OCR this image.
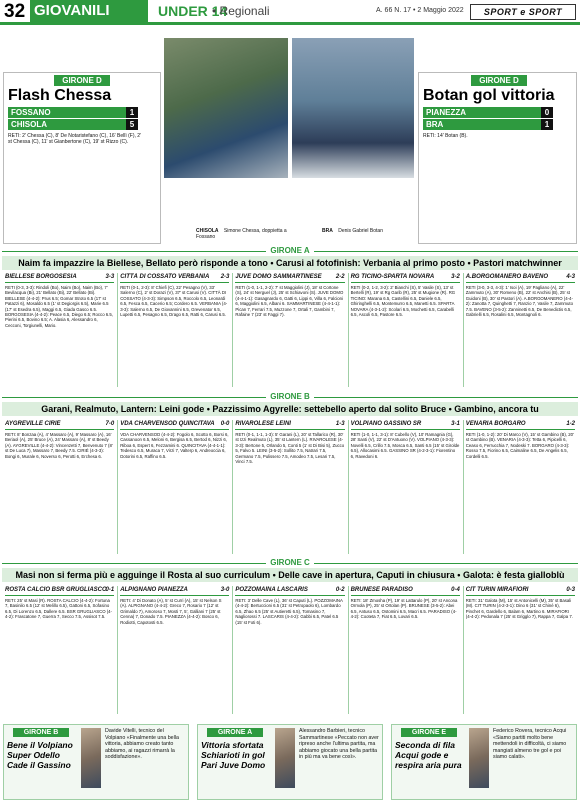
32 GIOVANILI	UNDER 14
• Regionali	A. 66 N. 17 • 2 Maggio 2022	SPORT e SPORT
GIRONE D
Flash Chessa
FOSSANO	1
CHISOLA	5
RETI: 2' Chessa (C), 8' De Notaristefano (C), 16' Bellì (F), 2' st Chessa (C), 11' st Gianbertone (C), 19' st Rizzo (C).
CHISOLA Simone Chessa, doppietta a Fossano
BRA Denis Gabriel Botan
GIRONE D
Botan gol vittoria
PIANEZZA	0
BRA	1
RETI: 14' Botan (B).
GIRONE A
Naim fa impazzire la Biellese, Bellato però risponde a tono • Carusi al fotofinish: Verbania al primo posto • Pastori matchwinner
BIELLESE BORGOSESIA	3-3
RETI (0-3, 3-3): Rindoli (Bo), Naim (Bo), Naim (Bo), 7' Bevilacqua (Bi), 21' Bellato (Bi), 22' Bellato (Bi). BIELLESE (4-4-2): Prus 6.5; Gomar Stroto 6.5 (17' st Patazzi 6), Mosaldo 6.5 (1' st Degiorgis 6.5), Marie 6.5 (17' st Esedra 6.5), Maggi 6.5, Giada Gasco 6.5. BORGOSESIA (4-4-2): Peace 6.5, Diego 6.5; Rocco 6.5, Pierini 6.5, Bovino 6.5; A. Alasia 6, Alessandro 6, Cecconi, Torgiunelli, Mario.
CITTÀ DI COSSATO VERBANIA 2-3
RETI (0-1, 2-3): 8' Chiefi (C), 22' Pesagno (V), 33' Salerno (C), 2' st Dorazi (V), 37' st Carusi (V). CITTÀ DI COSSATO (4-3-3): Simpson 6.5, Roccolo 6.5, Leonardi 6.5, Fesca 6.5, Cacerio 6.5; Cordero 6.5. VERBANIA (4-3-3): Salerno 6.5, De Giovannini 6.5, Grevenator 6.5, Lupetti 6.5, Pesagno 6.5, Drago 6.5, Ratti 6, Carusi 6.5.
JUVE DOMO SAMMARTINESE 2-2
RETI (1-0, 1-1, 2-2): 7' st Maggiolini (J), 18' st Cortone (S), 24' st Nerguel (J), 25' st Schiavoni (S). JUVE DOMO (4-4-1-1): Gasagnardo 6, Gatti 6, Lippi 6, Villa 6, Falcioni 6, Maggiolini 6.5, Albani 6. SAMMARTINESE (4-4-1-1): Pican 7, Ferrari 7.5, Muzzone 7, Ortali 7, Gambini 7, Rafaine 7 (23' st Faggi 7).
RG TICINO-SPARTA NOVARA	3-2
RETI (0-2, 1-2, 3-2): 2' Bianchi (S), 5' Vasile (S), 13' st Bertelli (R), 19' st Rg Garib (R), 25' st Mugione (R). RG TICINO: Marana 6.5, Castellini 6.5, Daniele 6.5, Ghiringhelli 6.5, Montemurro 6.5, Manetti 6.5. SPARTA NOVARA (4-3-1-2): Scolari 6.5, Mochetti 6.5, Carabelli 6.5, Ascoli 6.5, Pastore 6.5.
A.BORGOMANERO BAVENO	4-3
RETI (3-0, 3-3, 4-3): 1' Isoi (A), 19' Pagliano (A), 22' Zammuto (A), 30' Romeno (B), 22' st Anchisi (B), 25' st Guidoni (B), 30' st Pastori (A). A.BORGOMANERO (4-4-2): Zanotta 7, Quinghetti 7, Ranzio 7, Vasile 7, Zammuto 7.5. BAVENO (3-5-2): Zanninetti 6.5, De Benedictis 6.5, Gabrielli 6.5, Rosalini 6.5, Montagnoli 6.
GIRONE B
Garani, Realmuto, Lantern: Leini gode • Pazzissimo Agyrelle: settebello aperto dal solito Bruce • Gambino, ancora tu
AYGREVILLE CIRIÉ	7-0
RETI: 8' Bonzaa (A), 4' Massaro (A), 9' Massaro (A), 16' Beriaol (A), 25' Bruce (A), 24' Massaro (A), 8' st Beedy (A). AYGREVILLE (4-4-2): Vincenzetti 7, Benvenuto 7 (8' st De Luca 7), Massaro 7, Beedy 7.5. CIRIÉ (4-3-3): Bongi 6, Murale 6, Noverso 6, Perotti 6, Erchesa 6.
VDA CHARVENSOD QUINCITAVA 0-0
VDA CHARVENSOD (4-4-2): Fogolo 6, Scotto 6, Borsi 6, Cassanoon 6.5, Meloni 6, Bergisa 6.5, Bertod 6, Nizzi 6, Riboa 6, Espert 6, Fezzamini 6. QUINCITAVA (4-4-1-1): Tedesco 6.5, Muraca 7, Virzi 7, Valterp 6, Andreoccia 6, Dotorini 6.5, Raffino 6.5.
RIVAROLESE LEINI	1-3
RETI (0-1, 1-1, 1-3): 5' Garani (L), 20' st Tallarico (R), 30' st Izzi Realmuto (L), 35' st Lantern (L). RIVAROLESE (4-3-3): Bertone 5, Orlando 5, Conti 5 (1' st Di Bisi 5), Zucco 5, Falvo 5. LEINI (3-5-2): Sollito 7.5, Natrari 7.5, Germano 7.5, Pulissero 7.5, Amodeo 7.5, Lesari 7.5, Vinci 7.5.
VOLPIANO GASSINO SR	3-1
RETI (1-0, 1-1, 3-1): 8' Cubello (V), 10' Ramagnia (G), 28' Santi (V), 22' st D'Antuono (V). VOLPIANO (4-3-3): Novelli 6.5, Crillo 7.5, Mosca 6.5, Santi 6.5 (15' st Girolde 6.5), Allocasimi 6.5. GASSINO SR (4-2-3-1): Fiorentino 6, Ravedoni 6.
VENARIA BORGARO	1-2
RETI (1-0, 1-2): 20' Di Marco (V), 15' st Gambino (B), 20' st Gambino (B). VENARIA (4-3-3): Tetta 6, Pipicelli 6, Ceaso 6, Ferrucchia 7, Nodeski 7. BORGARO (4-3-3): Rosso 7.5, Fiorino 6.5, Caimaline 6.5, De Angelis 6.5, Cordelli 6.5.
GIRONE C
Masi non si ferma più e agguinge il Rosta al suo curriculum • Delle cave in apertura, Caputi in chiusura • Galota: è festa gialloblù
ROSTA CALCIO BSR GRUGLIASCO
0-1
RETI: 25' st Masi (R). ROSTA CALCIO (4-4-2): Fortuna 7, Basinilo 6.5 (12' st Melillo 6.5), Gattoni 6.5, Sofasino 6.5, Di Lorenzo 6.5, Dallere 6.5. BSR GRUGLIASCO (4-4-2): Frascatone 7, Guerra 7, Secco 7.5, Assisot 7.5.
ALPIGNANO PIANEZZA	3-0
RETI: 4' Di Donato (A), 5' st Curri (A), 15' st Nelson S (A). ALPIGNANO (4-4-2): Greco 7, Rosario 7 (12' st Grimaldo 7), Amoroso 7, Mosti 7, 5', Galliani 7 (25' st Cenna) 7, Donado 7.5. PIANEZZA (4-4-2): Bosco 6, Rodiotti, Capotosti 6.5.
POZZOMAINA LASCARIS	0-2
RETI: 3' Delle Cave (L), 36' st Caputi (L). POZZOMAINA (4-4-2): Bertuccioni 6.5 (31' st Petropaolo 6), Lombardo 6.5, Zhao 6.5 (25' st Autieretti 6.5), Tomasino 7, Nagliorossi 7. LASCARIS (4-4-2): Gabbi 6.5, Patel 6.5 (15' st Foti 6).
BRUNESE PARADISO	0-4
RETI: 18' Zmosha (P), 19' st Lattarulo (P), 20' st Ancona Ormola (P), 25' st Ortolan (P). BRUNESE (3-5-2): Abei 6.5, Antuso 6.5, Ostomini 6.5, Macri 6.5. PARADISO (4-4-2): Cooteta 7, Fiat 6.5, Lovari 6.5.
CIT TURIN MIRAFIORI	0-3
RETI: 31' Galota (M), 15' st Antonicelli (M), 35' st Basali (M). CIT TURIN (4-2-3-1): Dino 6 (31' st Chiné 6), Pinchet 6, Gardello 6, Balam 6, Martino 6. MIRAFIORI (4-4-2): Pedonala 7 (25' st Grigglo 7), Rappa 7, Galpa 7.
GIRONE B
Bene il Volpiano Super Odello Cade il Gassino
Davide Vitelli, tecnico del Volpiano «Finalmente una bella vittoria, abbiamo creato tanto abbiamo, ai ragazzi rimarrà la soddisfazione».
GIRONE A
Vittoria sfortata Schiarioti in gol Pari Juve Domo
Alessandro Barbieri, tecnico Sammartinese «Peccato non aver ripreso anche l'ultima partita, ma abbiamo giocato una bella partita in più ma va bene così».
GIRONE E
Seconda di fila Acqui gode e respira aria pura
Federico Rovera, tecnico Acqui «Siamo partiti molto bene mettendoli in difficoltà, ci siamo mangiati almeno tre gol e poi siamo calati».
